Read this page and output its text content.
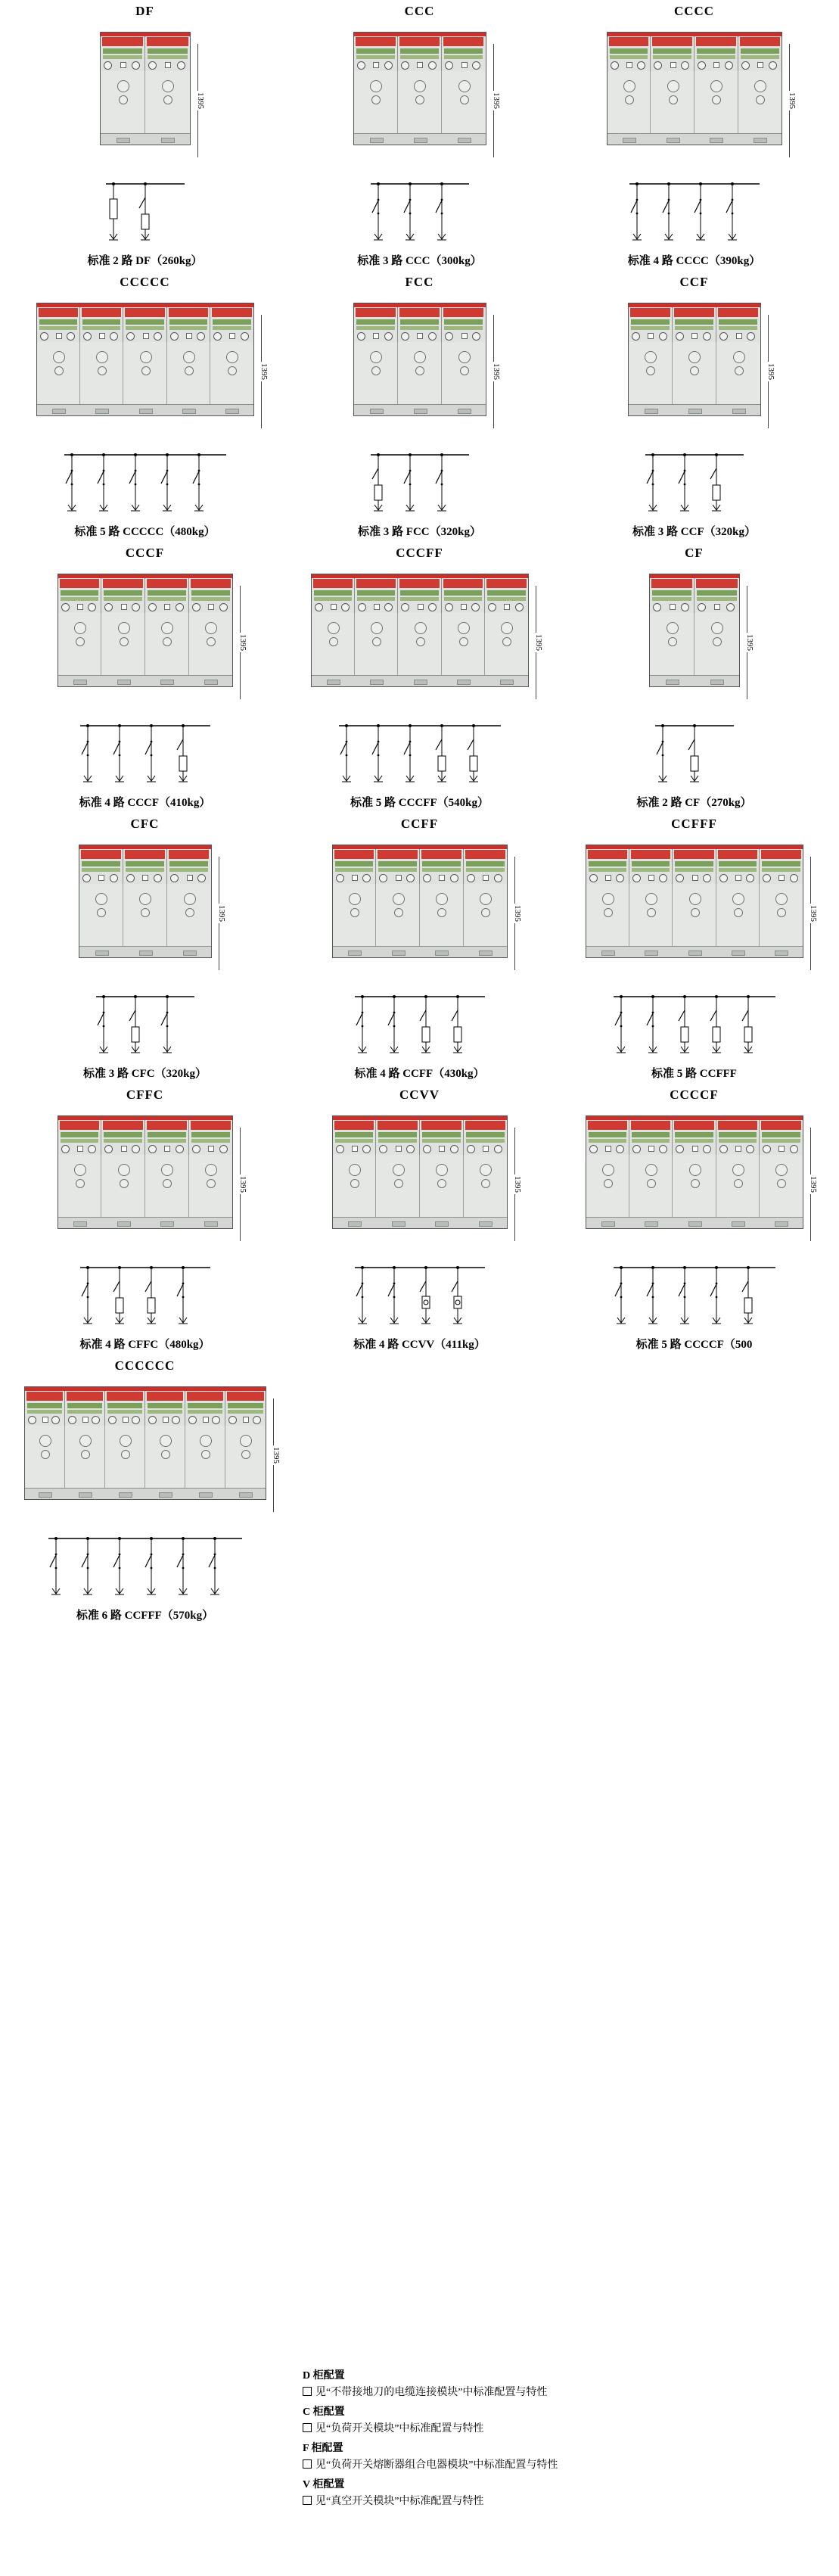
DF
1395
标准 2 路 DF（260kg）
CCC
1395
标准 3 路 CCC（300kg）
CCCC
1395
标准 4 路 CCCC（390kg）
CCCCC
1395
标准 5 路 CCCCC（480kg）
FCC
1395
标准 3 路 FCC（320kg）
CCF
1395
标准 3 路 CCF（320kg）
CCCF
1395
标准 4 路 CCCF（410kg）
CCCFF
1395
标准 5 路 CCCFF（540kg）
CF
1395
标准 2 路 CF（270kg）
CFC
1395
标准 3 路 CFC（320kg）
CCFF
1395
标准 4 路 CCFF（430kg）
CCFFF
1395
标准 5 路 CCFFF
CFFC
1395
标准 4 路 CFFC（480kg）
CCVV
1395
标准 4 路 CCVV（411kg）
CCCCF
1395
标准 5 路 CCCCF（500
CCCCCC
1395
标准 6 路 CCFFF（570kg）
D 柜配置
见“不带接地刀的电缆连接模块”中标准配置与特性
C 柜配置
见“负荷开关模块”中标准配置与特性
F 柜配置
见“负荷开关熔断器组合电器模块”中标准配置与特性
V 柜配置
见“真空开关模块”中标准配置与特性
